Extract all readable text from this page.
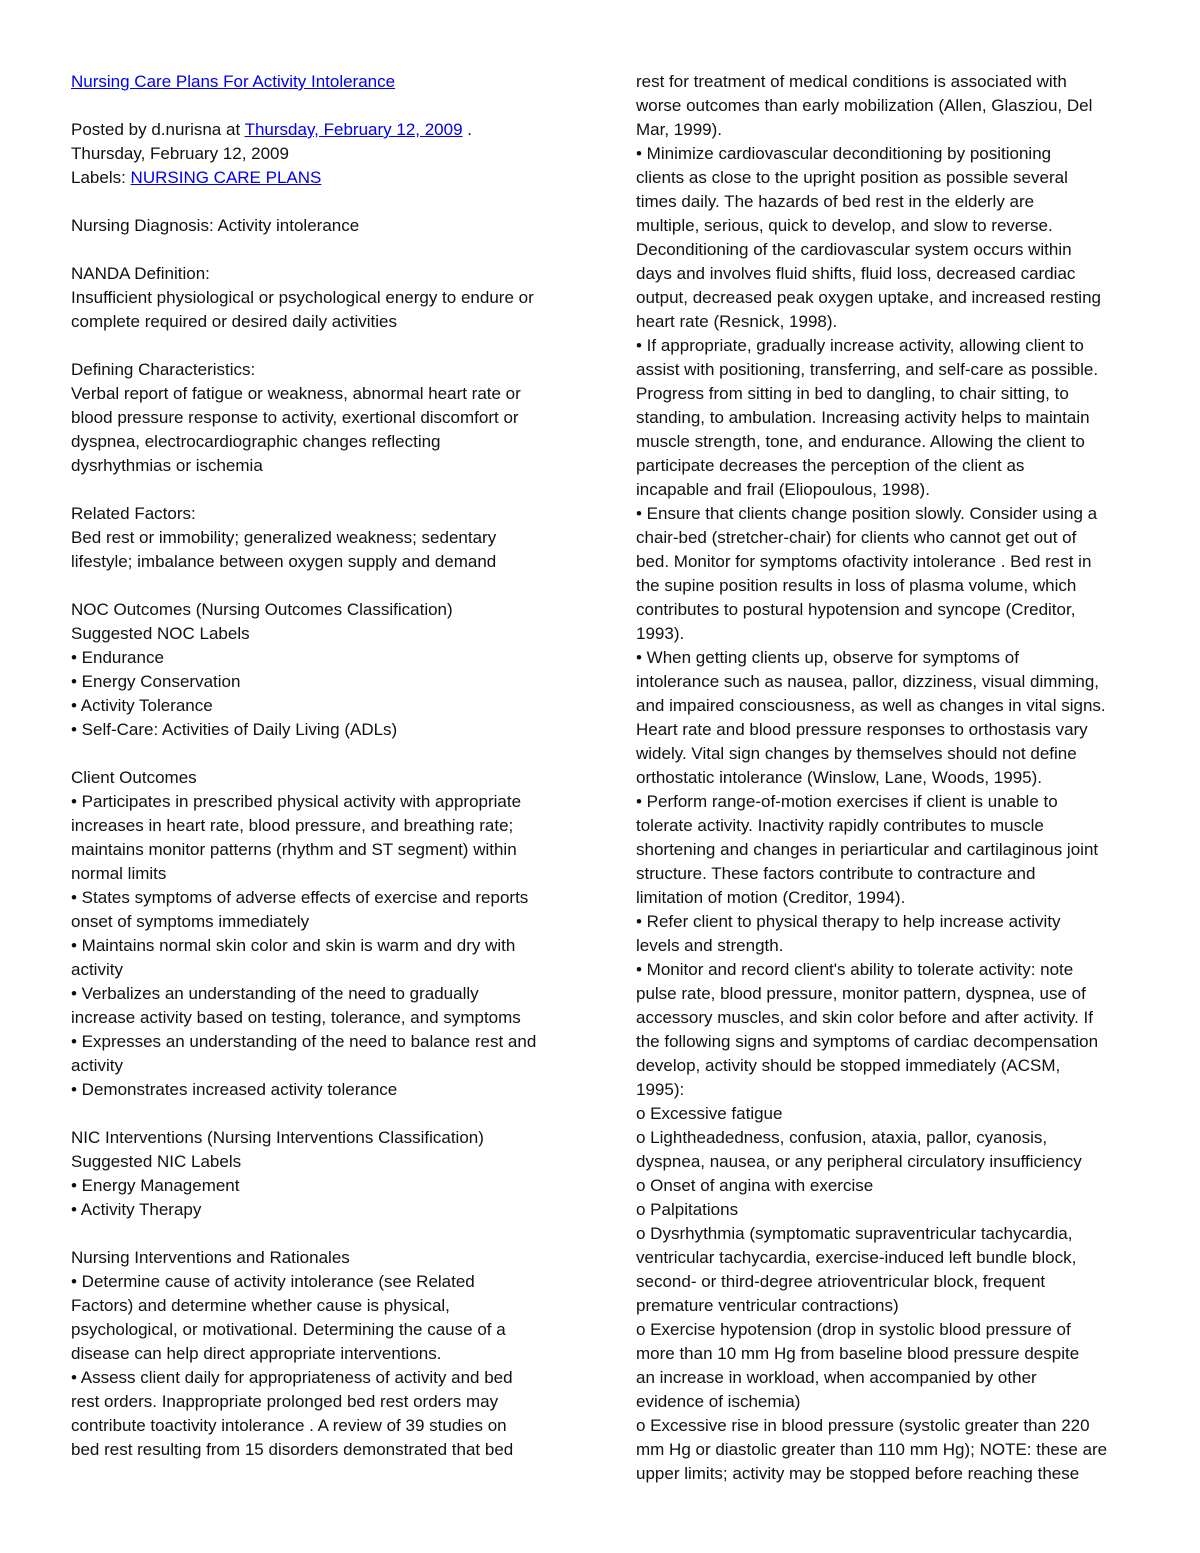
Nursing Care Plans For Activity Intolerance
Posted by d.nurisna at Thursday, February 12, 2009 .
Thursday, February 12, 2009
Labels: NURSING CARE PLANS
Nursing Diagnosis: Activity intolerance
NANDA Definition:
Insufficient physiological or psychological energy to endure or
complete required or desired daily activities
Defining Characteristics:
Verbal report of fatigue or weakness, abnormal heart rate or
blood pressure response to activity, exertional discomfort or
dyspnea, electrocardiographic changes reflecting
dysrhythmias or ischemia
Related Factors:
Bed rest or immobility; generalized weakness; sedentary
lifestyle; imbalance between oxygen supply and demand
NOC Outcomes (Nursing Outcomes Classification)
Suggested NOC Labels
• Endurance
• Energy Conservation
• Activity Tolerance
• Self-Care: Activities of Daily Living (ADLs)
Client Outcomes
• Participates in prescribed physical activity with appropriate
increases in heart rate, blood pressure, and breathing rate;
maintains monitor patterns (rhythm and ST segment) within
normal limits
• States symptoms of adverse effects of exercise and reports
onset of symptoms immediately
• Maintains normal skin color and skin is warm and dry with
activity
• Verbalizes an understanding of the need to gradually
increase activity based on testing, tolerance, and symptoms
• Expresses an understanding of the need to balance rest and
activity
• Demonstrates increased activity tolerance
NIC Interventions (Nursing Interventions Classification)
Suggested NIC Labels
• Energy Management
• Activity Therapy
Nursing Interventions and Rationales
• Determine cause of activity intolerance (see Related
Factors) and determine whether cause is physical,
psychological, or motivational. Determining the cause of a
disease can help direct appropriate interventions.
• Assess client daily for appropriateness of activity and bed
rest orders. Inappropriate prolonged bed rest orders may
contribute toactivity intolerance . A review of 39 studies on
bed rest resulting from 15 disorders demonstrated that bed
rest for treatment of medical conditions is associated with
worse outcomes than early mobilization (Allen, Glasziou, Del
Mar, 1999).
• Minimize cardiovascular deconditioning by positioning
clients as close to the upright position as possible several
times daily. The hazards of bed rest in the elderly are
multiple, serious, quick to develop, and slow to reverse.
Deconditioning of the cardiovascular system occurs within
days and involves fluid shifts, fluid loss, decreased cardiac
output, decreased peak oxygen uptake, and increased resting
heart rate (Resnick, 1998).
• If appropriate, gradually increase activity, allowing client to
assist with positioning, transferring, and self-care as possible.
Progress from sitting in bed to dangling, to chair sitting, to
standing, to ambulation. Increasing activity helps to maintain
muscle strength, tone, and endurance. Allowing the client to
participate decreases the perception of the client as
incapable and frail (Eliopoulous, 1998).
• Ensure that clients change position slowly. Consider using a
chair-bed (stretcher-chair) for clients who cannot get out of
bed. Monitor for symptoms ofactivity intolerance . Bed rest in
the supine position results in loss of plasma volume, which
contributes to postural hypotension and syncope (Creditor,
1993).
• When getting clients up, observe for symptoms of
intolerance such as nausea, pallor, dizziness, visual dimming,
and impaired consciousness, as well as changes in vital signs.
Heart rate and blood pressure responses to orthostasis vary
widely. Vital sign changes by themselves should not define
orthostatic intolerance (Winslow, Lane, Woods, 1995).
• Perform range-of-motion exercises if client is unable to
tolerate activity. Inactivity rapidly contributes to muscle
shortening and changes in periarticular and cartilaginous joint
structure. These factors contribute to contracture and
limitation of motion (Creditor, 1994).
• Refer client to physical therapy to help increase activity
levels and strength.
• Monitor and record client's ability to tolerate activity: note
pulse rate, blood pressure, monitor pattern, dyspnea, use of
accessory muscles, and skin color before and after activity. If
the following signs and symptoms of cardiac decompensation
develop, activity should be stopped immediately (ACSM,
1995):
o Excessive fatigue
o Lightheadedness, confusion, ataxia, pallor, cyanosis,
dyspnea, nausea, or any peripheral circulatory insufficiency
o Onset of angina with exercise
o Palpitations
o Dysrhythmia (symptomatic supraventricular tachycardia,
ventricular tachycardia, exercise-induced left bundle block,
second- or third-degree atrioventricular block, frequent
premature ventricular contractions)
o Exercise hypotension (drop in systolic blood pressure of
more than 10 mm Hg from baseline blood pressure despite
an increase in workload, when accompanied by other
evidence of ischemia)
o Excessive rise in blood pressure (systolic greater than 220
mm Hg or diastolic greater than 110 mm Hg); NOTE: these are
upper limits; activity may be stopped before reaching these
